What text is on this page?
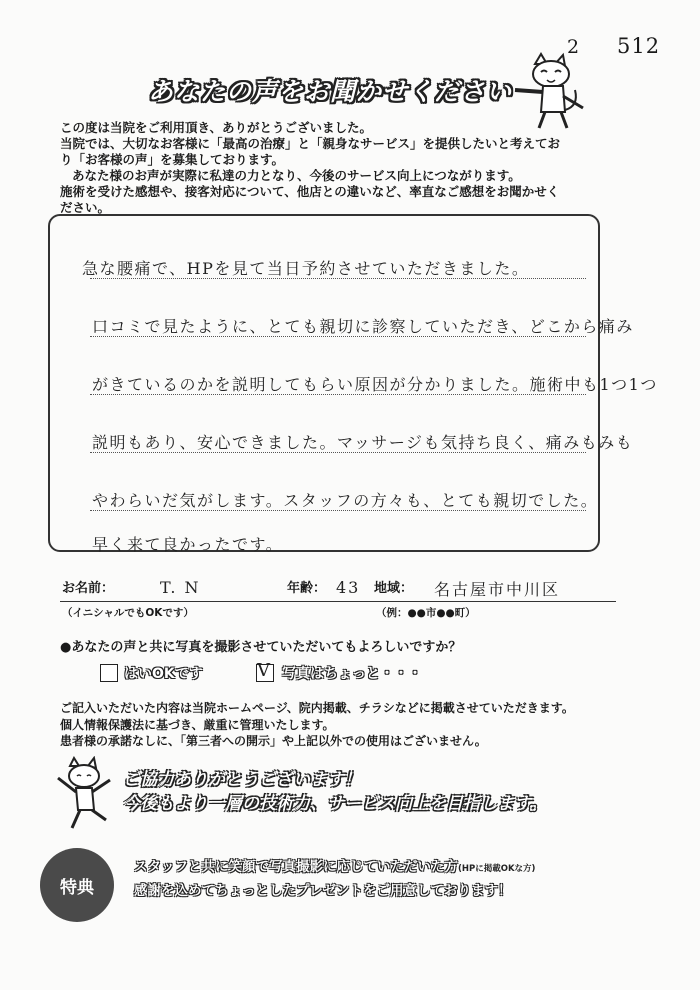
2 512
あなたの声をお聞かせください

この度は当院をご利用頂き、ありがとうございました。

当院では、大切なお客様に「最高の治療」と「親身なサービス」を提供したいと考えてお

り「お客様の声」を募集しております。

あなた様のお声が実際に私達の力となり、今後のサービス向上につながります。

施術を受けた感想や、接客対応について、他店との違いなど、率直なご感想をお聞かせく

ださい。

急な腰痛で、HPを見て当日予約させていただきました。
口コミで見たように、とても親切に診察していただき、どこから痛み
がきているのかを説明してもらい原因が分かりました。施術中も1つ1つ
説明もあり、安心できました。マッサージも気持ち良く、痛みもみも
やわらいだ気がします。スタッフの方々も、とても親切でした。
早く来て良かったです。
お名前：	T. N	年齢： 43 地域： 名古屋市中川区
（イニシャルでもOKです）	（例：●●市●●町）
●あなたの声と共に写真を撮影させていただいてもよろしいですか？
はいOKです	V 写真はちょっと・・・

ご記入いただいた内容は当院ホームページ、院内掲載、チラシなどに掲載させていただきます。

個人情報保護法に基づき、厳重に管理いたします。

患者様の承諾なしに、「第三者への開示」や上記以外での使用はございません。

ご協力ありがとうございます！
今後もより一層の技術力、サービス向上を目指します。
特典
スタッフと共に笑顔で写真撮影に応じていただいた方(HPに掲載OKな方)
感謝を込めてちょっとしたプレゼントをご用意しております！
